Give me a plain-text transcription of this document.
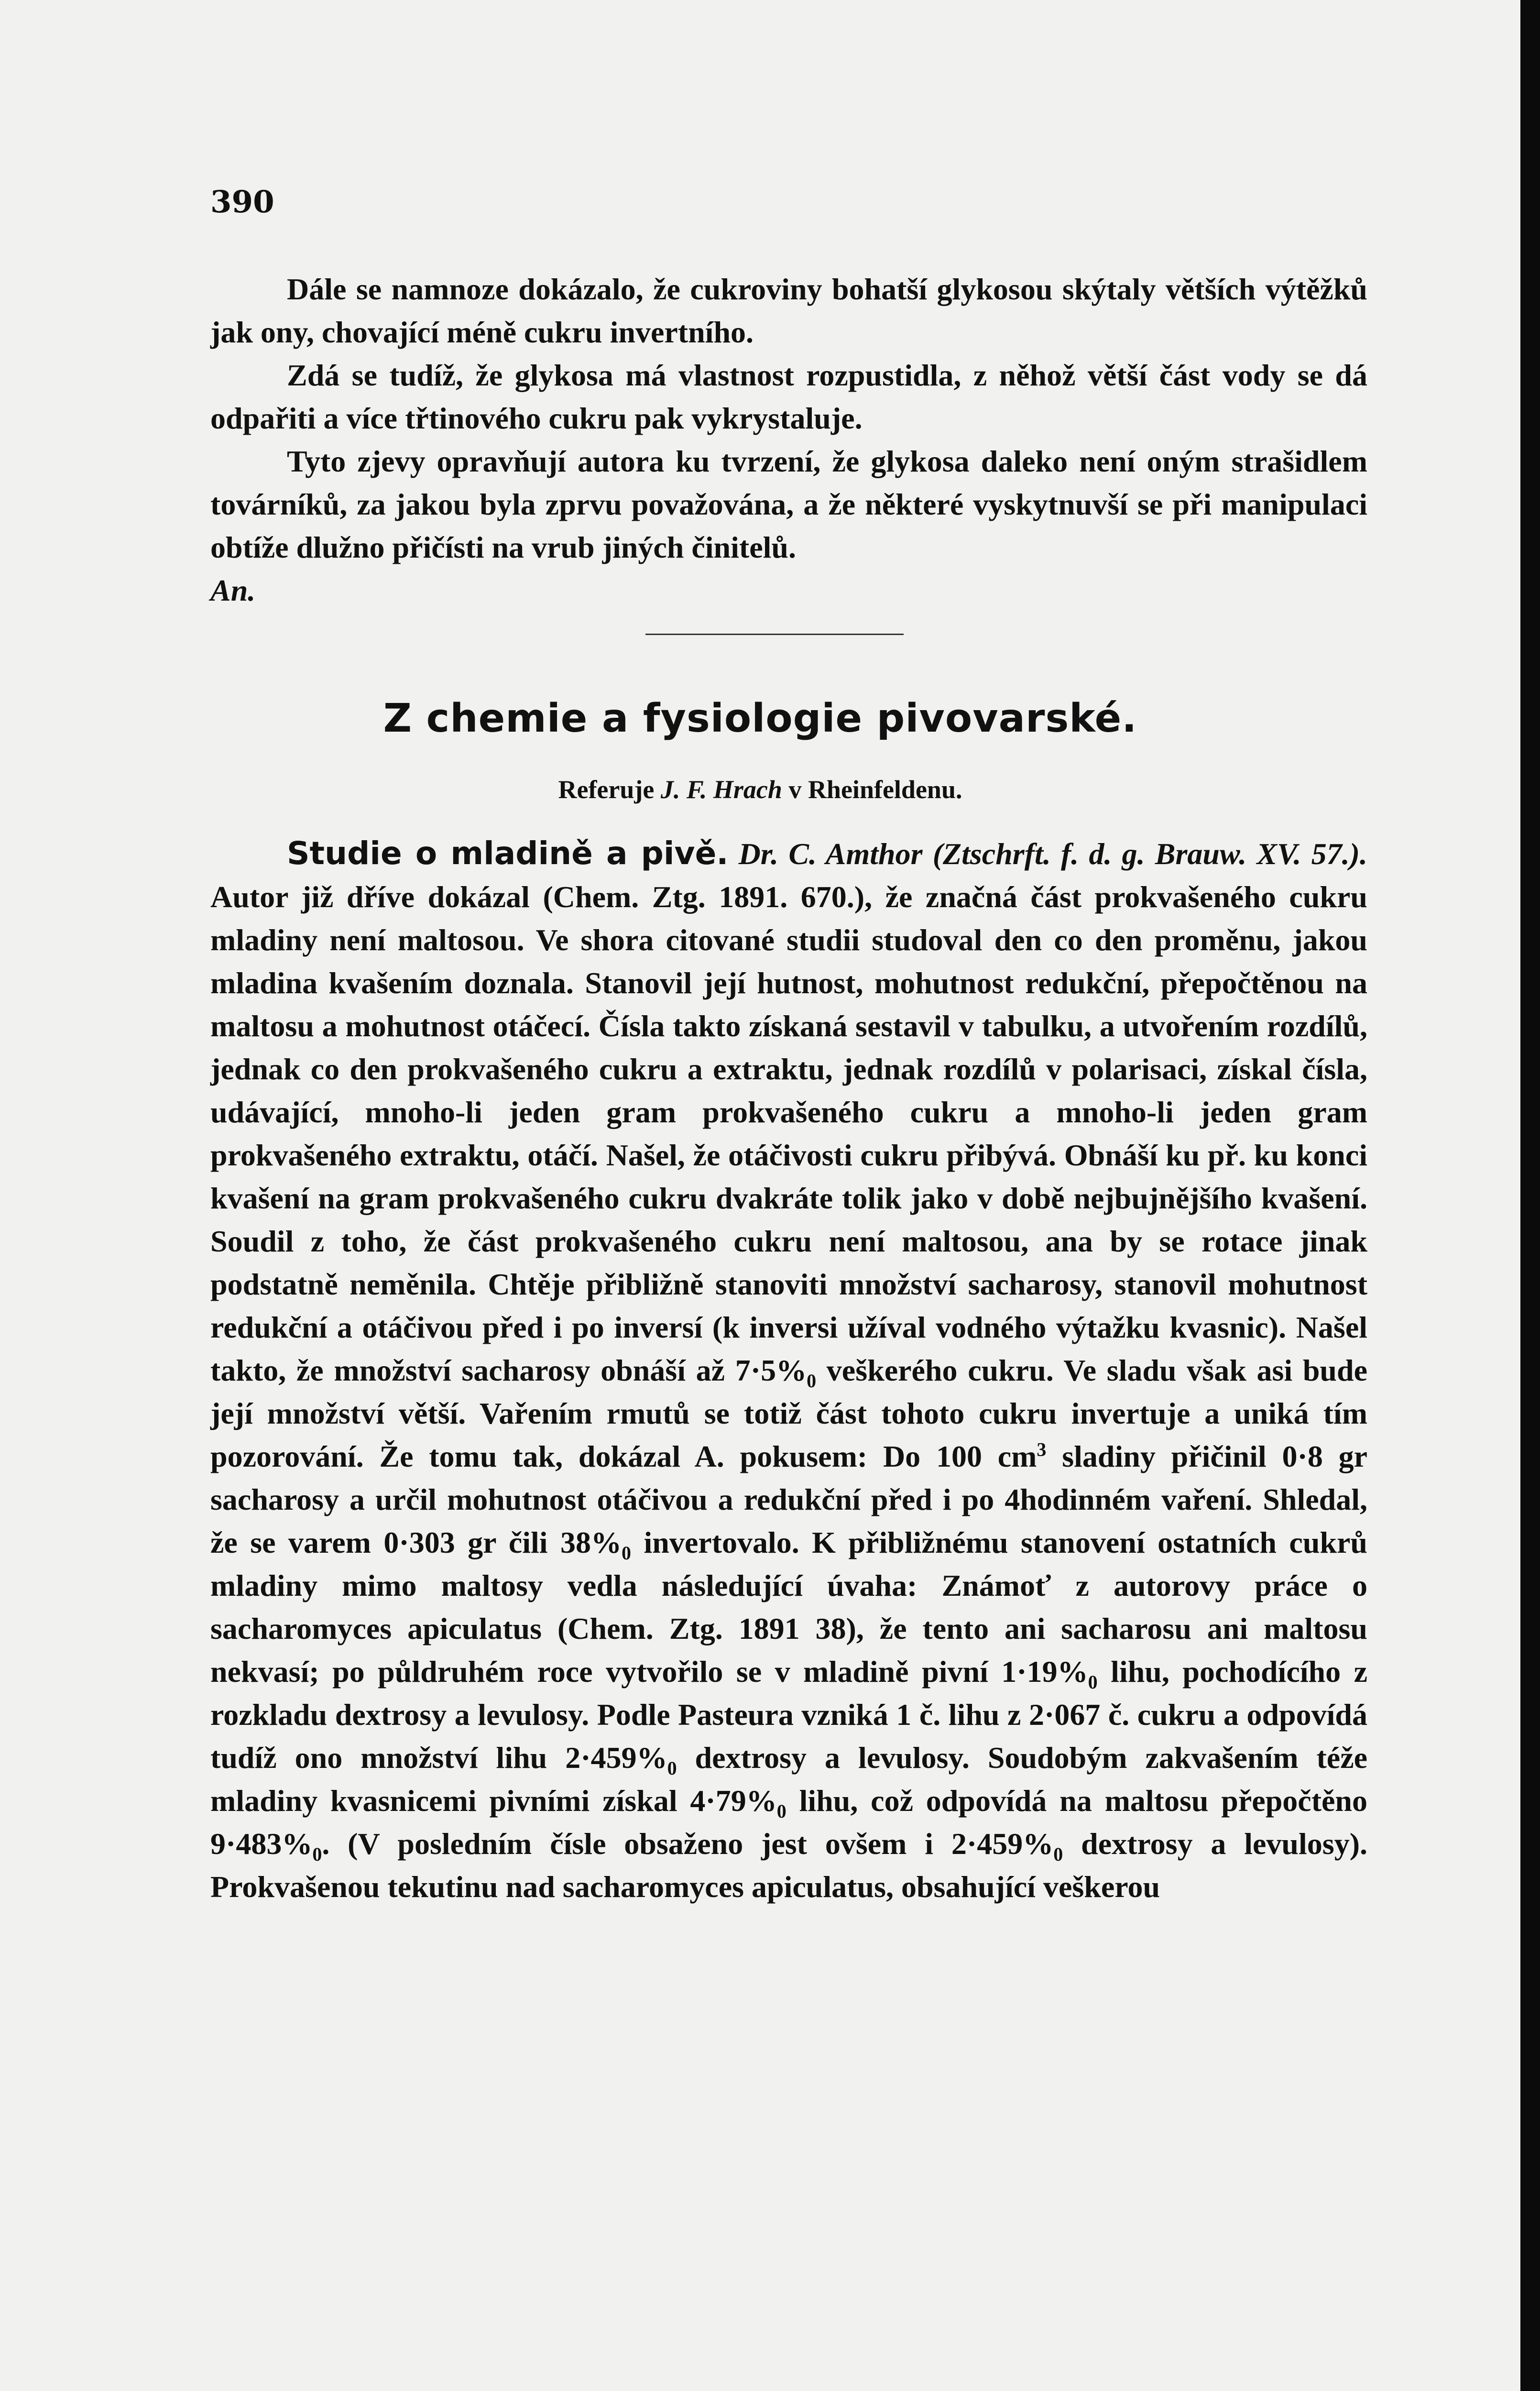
390

Dále se namnoze dokázalo, že cukroviny bohatší glykosou skýtaly větších výtěžků jak ony, chovající méně cukru invertního.

Zdá se tudíž, že glykosa má vlastnost rozpustidla, z něhož větší část vody se dá odpařiti a více třtinového cukru pak vykrystaluje.

Tyto zjevy opravňují autora ku tvrzení, že glykosa daleko není oným strašidlem továrníků, za jakou byla zprvu považována, a že některé vyskytnuvší se při manipulaci obtíže dlužno přičísti na vrub jiných činitelů.

An.

Z chemie a fysiologie pivovarské.
Referuje J. F. Hrach v Rheinfeldenu.

Studie o mladině a pivě. Dr. C. Amthor (Ztschrft. f. d. g. Brauw. XV. 57.). Autor již dříve dokázal (Chem. Ztg. 1891. 670.), že značná část prokvašeného cukru mladiny není maltosou. Ve shora citované studii studoval den co den proměnu, jakou mladina kvašením doznala. Stanovil její hutnost, mohutnost redukční, přepočtěnou na maltosu a mohutnost otáčecí. Čísla takto získaná sestavil v tabulku, a utvořením rozdílů, jednak co den prokvašeného cukru a extraktu, jednak rozdílů v polarisaci, získal čísla, udávající, mnoho-li jeden gram prokvašeného cukru a mnoho-li jeden gram prokvašeného extraktu, otáčí. Našel, že otáčivosti cukru přibývá. Obnáší ku př. ku konci kvašení na gram prokvašeného cukru dvakráte tolik jako v době nejbujnějšího kvašení. Soudil z toho, že část prokvašeného cukru není maltosou, ana by se rotace jinak podstatně neměnila. Chtěje přibližně stanoviti množství sacharosy, stanovil mohutnost redukční a otáčivou před i po inversí (k inversi užíval vodného výtažku kvasnic). Našel takto, že množství sacharosy obnáší až $7\cdot 5\%_0$ veškerého cukru. Ve sladu však asi bude její množství větší. Vařením rmutů se totiž část tohoto cukru invertuje a uniká tím pozorování. Že tomu tak, dokázal A. pokusem: Do 100 $cm^3$ sladiny přičinil 0·8 gr sacharosy a určil mohutnost otáčivou a redukční před i po 4hodinném vaření. Shledal, že se varem 0·303 gr čili $38\%_0$ invertovalo. K přibližnému stanovení ostatních cukrů mladiny mimo maltosy vedla následující úvaha: Známoť z autorovy práce o sacharomyces apiculatus (Chem. Ztg. 1891 38), že tento ani sacharosu ani maltosu nekvasí; po půldruhém roce vytvořilo se v mladině pivní $1\cdot 19\%_0$ lihu, pochodícího z rozkladu dextrosy a levulosy. Podle Pasteura vzniká 1 č. lihu z 2·067 č. cukru a odpovídá tudíž ono množství lihu $2\cdot 459\%_0$ dextrosy a levulosy. Soudobým zakvašením téže mladiny kvasnicemi pivními získal $4\cdot 79\%_0$ lihu, což odpovídá na maltosu přepočtěno $9\cdot 483\%_0$. (V posledním čísle obsaženo jest ovšem i $2\cdot 459\%_0$ dextrosy a levulosy). Prokvašenou tekutinu nad sacharomyces apiculatus, obsahující veškerou
